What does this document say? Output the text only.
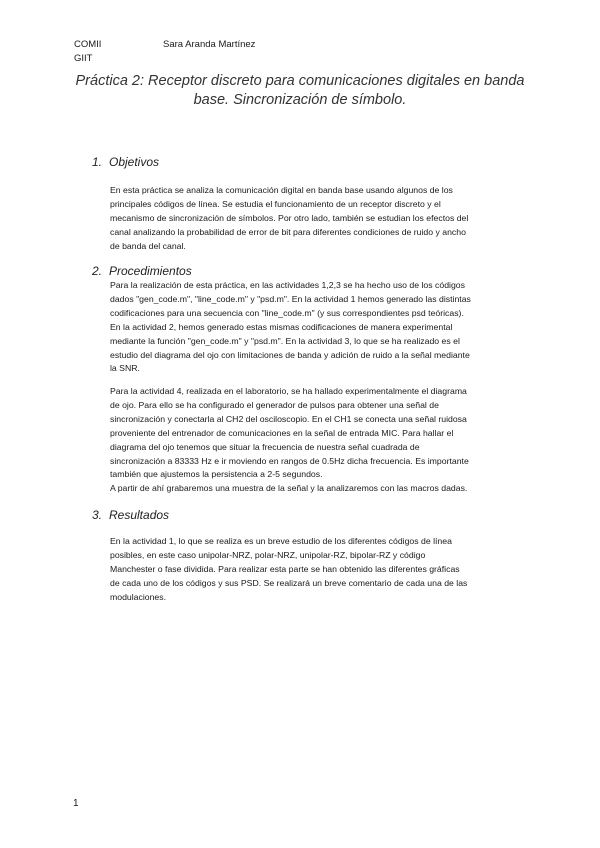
COMII
GIIT
Sara Aranda Martínez
Práctica 2: Receptor discreto para comunicaciones digitales en banda
base. Sincronización de símbolo.
1. Objetivos
En esta práctica se analiza la comunicación digital en banda base usando algunos de los
principales códigos de línea. Se estudia el funcionamiento de un receptor discreto y el
mecanismo de sincronización de símbolos. Por otro lado, también se estudian los efectos del
canal analizando la probabilidad de error de bit para diferentes condiciones de ruido y ancho
de banda del canal.
2. Procedimientos
Para la realización de esta práctica, en las actividades 1,2,3 se ha hecho uso de los códigos
dados "gen_code.m", "line_code.m" y "psd.m". En la actividad 1 hemos generado las distintas
codificaciones para una secuencia con "line_code.m" (y sus correspondientes psd teóricas).
En la actividad 2, hemos generado estas mismas codificaciones de manera experimental
mediante la función "gen_code.m" y "psd.m". En la actividad 3, lo que se ha realizado es el
estudio del diagrama del ojo con limitaciones de banda y adición de ruido a la señal mediante
la SNR.
Para la actividad 4, realizada en el laboratorio, se ha hallado experimentalmente el diagrama
de ojo. Para ello se ha configurado el generador de pulsos para obtener una señal de
sincronización y conectarla al CH2 del osciloscopio. En el CH1 se conecta una señal ruidosa
proveniente del entrenador de comunicaciones en la señal de entrada MIC. Para hallar el
diagrama del ojo tenemos que situar la frecuencia de nuestra señal cuadrada de
sincronización a 83333 Hz e ir moviendo en rangos de 0.5Hz dicha frecuencia. Es importante
también que ajustemos la persistencia a 2-5 segundos.
A partir de ahí grabaremos una muestra de la señal y la analizaremos con las macros dadas.
3. Resultados
En la actividad 1, lo que se realiza es un breve estudio de los diferentes códigos de línea
posibles, en este caso unipolar-NRZ, polar-NRZ, unipolar-RZ, bipolar-RZ y código
Manchester o fase dividida. Para realizar esta parte se han obtenido las diferentes gráficas
de cada uno de los códigos y sus PSD. Se realizará un breve comentario de cada una de las
modulaciones.
1
